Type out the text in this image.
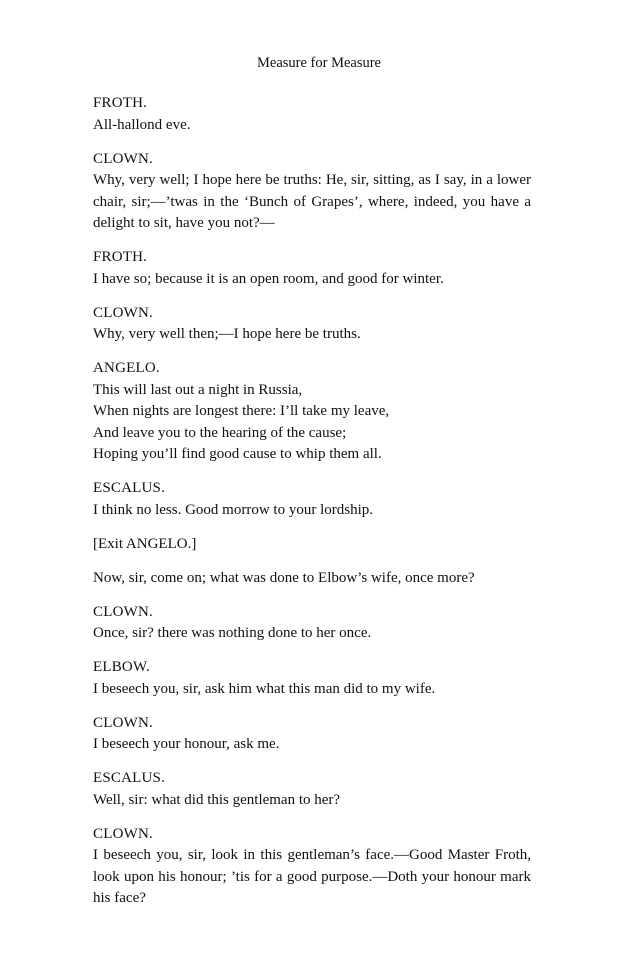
Measure for Measure
FROTH.
All-hallond eve.
CLOWN.
Why, very well; I hope here be truths: He, sir, sitting, as I say, in a lower chair, sir;—’twas in the ‘Bunch of Grapes’, where, indeed, you have a delight to sit, have you not?—
FROTH.
I have so; because it is an open room, and good for winter.
CLOWN.
Why, very well then;—I hope here be truths.
ANGELO.
This will last out a night in Russia,
When nights are longest there: I’ll take my leave,
And leave you to the hearing of the cause;
Hoping you’ll find good cause to whip them all.
ESCALUS.
I think no less. Good morrow to your lordship.
[Exit ANGELO.]
Now, sir, come on; what was done to Elbow’s wife, once more?
CLOWN.
Once, sir? there was nothing done to her once.
ELBOW.
I beseech you, sir, ask him what this man did to my wife.
CLOWN.
I beseech your honour, ask me.
ESCALUS.
Well, sir: what did this gentleman to her?
CLOWN.
I beseech you, sir, look in this gentleman’s face.—Good Master Froth, look upon his honour; ’tis for a good purpose.—Doth your honour mark his face?
